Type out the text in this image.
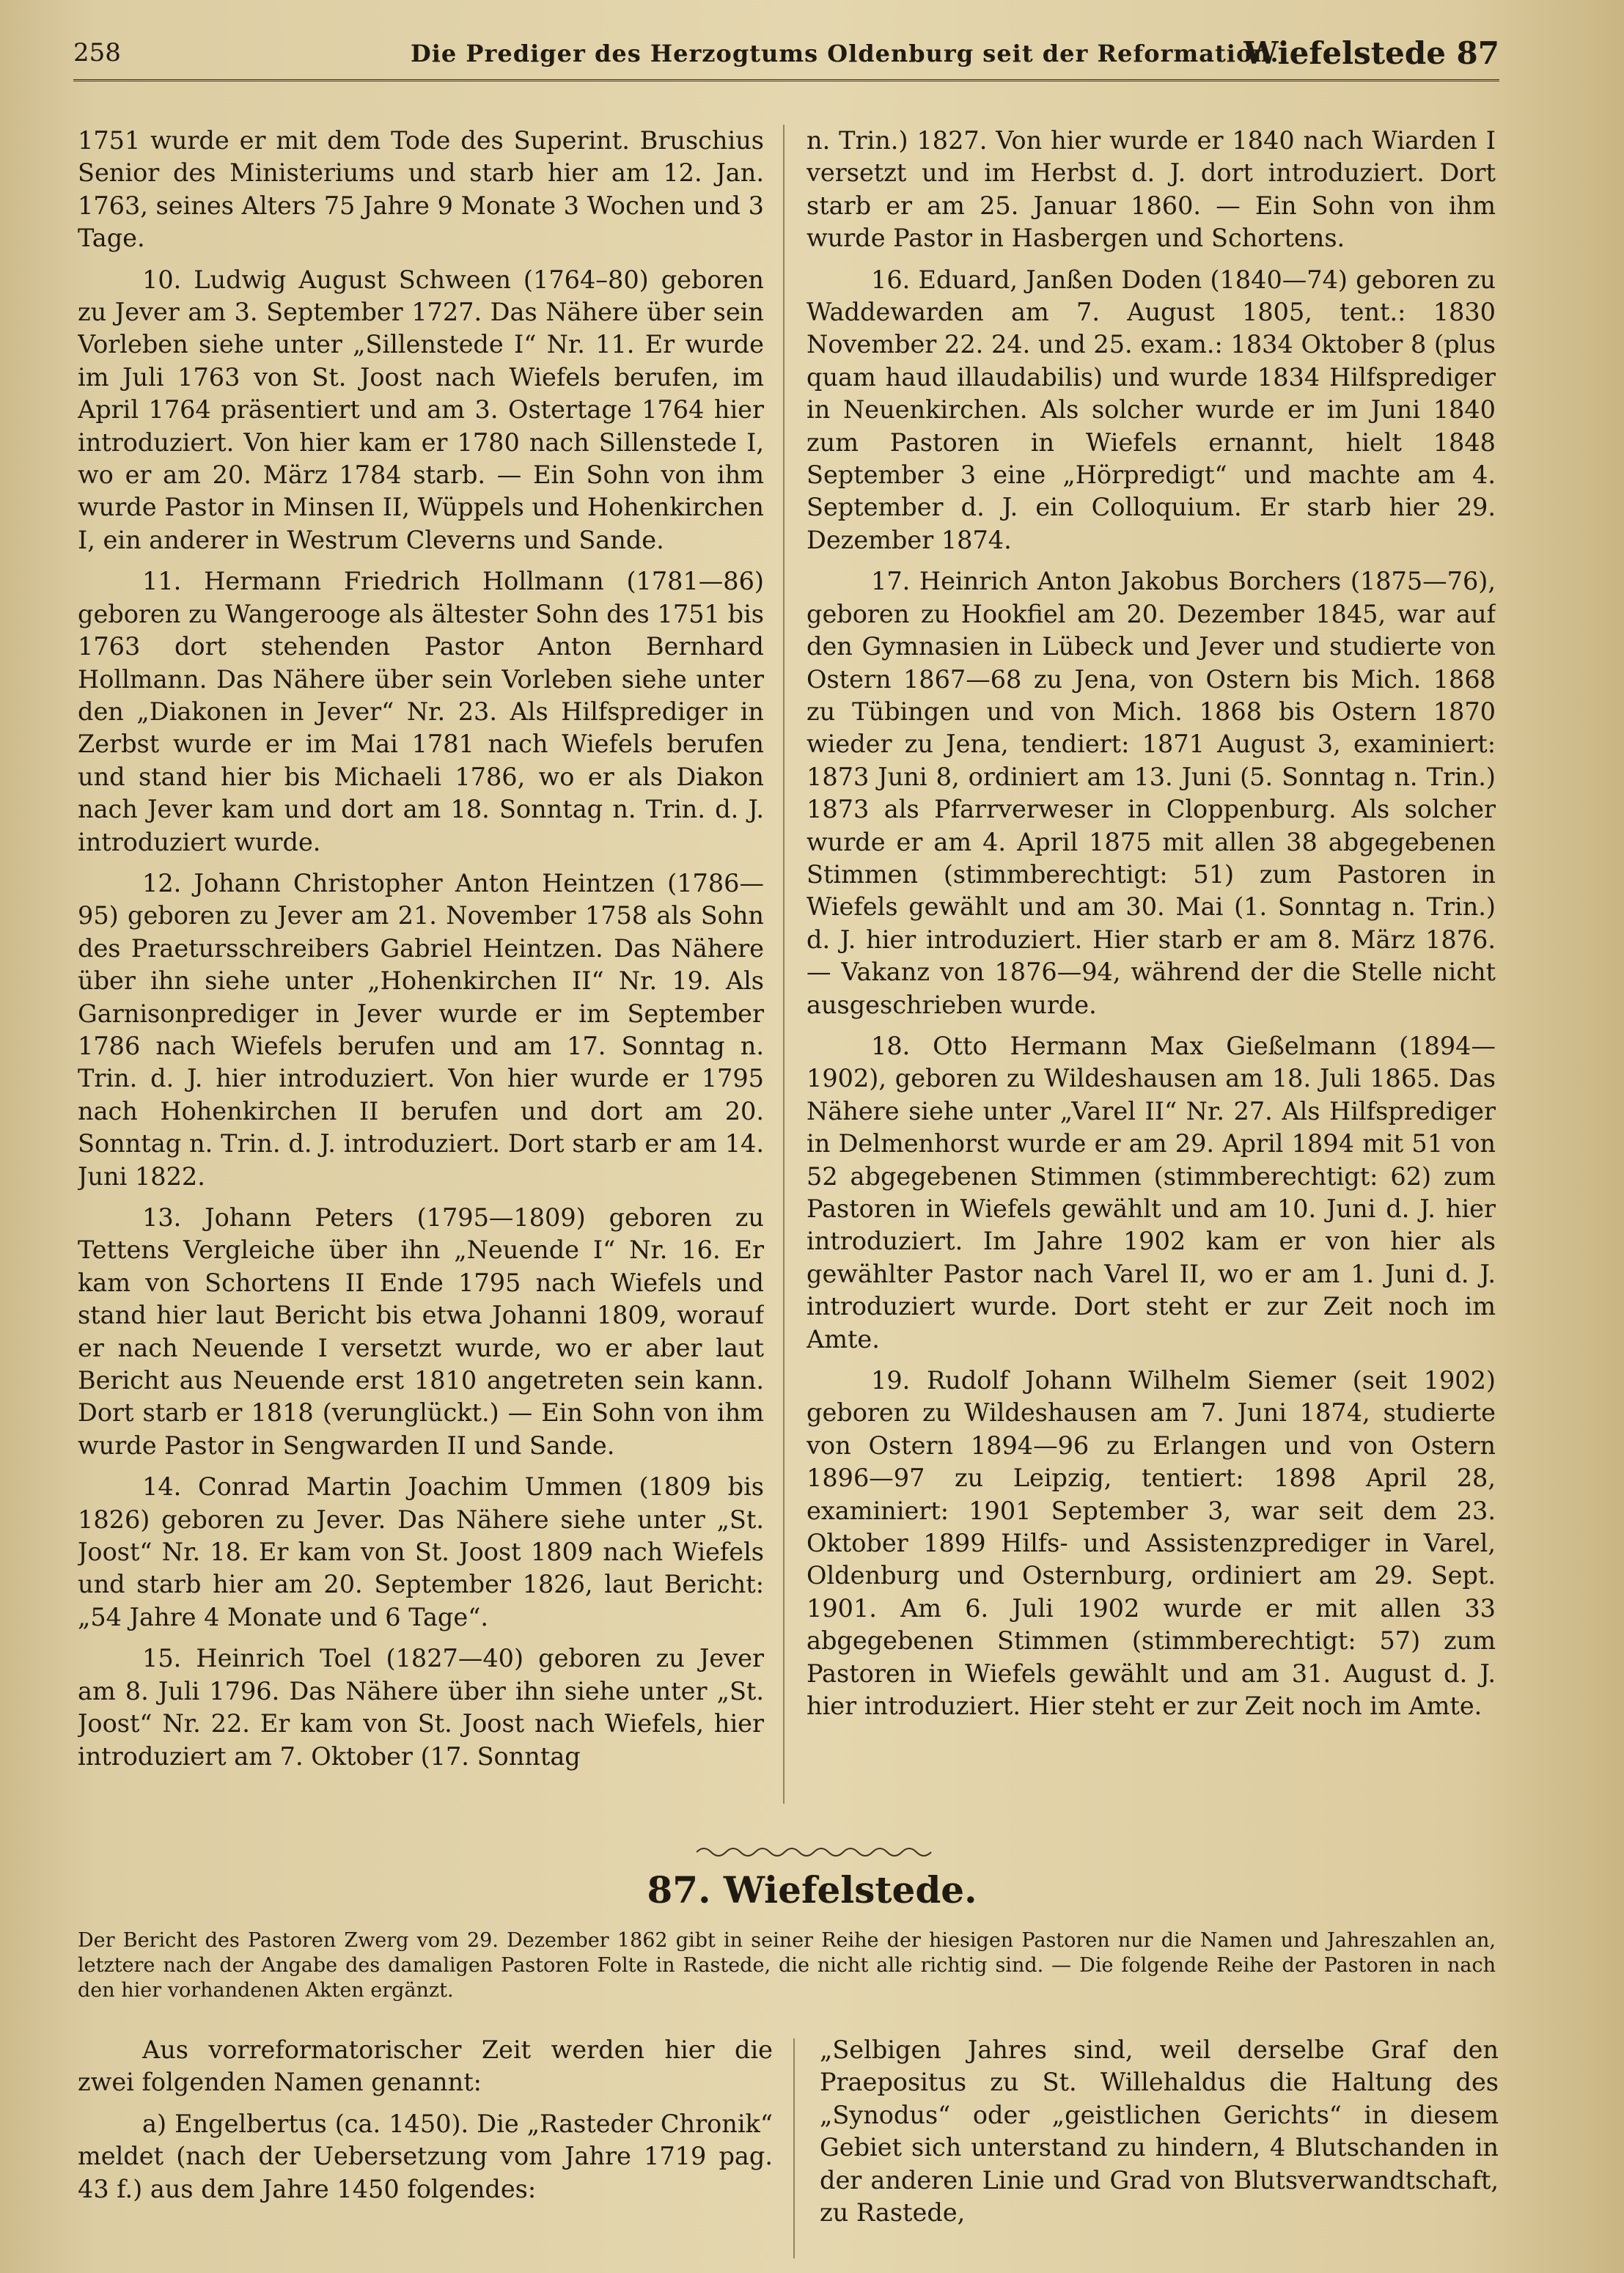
258	Die Prediger des Herzogtums Oldenburg seit der Reformation.
Wiefelstede 87

1751 wurde er mit dem Tode des Superint. Bruschius Senior des Ministeriums und starb hier am 12. Jan. 1763, seines Alters 75 Jahre 9 Monate 3 Wochen und 3 Tage.

10. Ludwig August Schween (1764–80) geboren zu Jever am 3. September 1727. Das Nähere über sein Vorleben siehe unter „Sillenstede I“ Nr. 11. Er wurde im Juli 1763 von St. Joost nach Wiefels berufen, im April 1764 präsentiert und am 3. Ostertage 1764 hier introduziert. Von hier kam er 1780 nach Sillenstede I, wo er am 20. März 1784 starb. — Ein Sohn von ihm wurde Pastor in Minsen II, Wüppels und Hohenkirchen I, ein anderer in Westrum Cleverns und Sande.

11. Hermann Friedrich Hollmann (1781—86) geboren zu Wangerooge als ältester Sohn des 1751 bis 1763 dort stehenden Pastor Anton Bernhard Hollmann. Das Nähere über sein Vorleben siehe unter den „Diakonen in Jever“ Nr. 23. Als Hilfsprediger in Zerbst wurde er im Mai 1781 nach Wiefels berufen und stand hier bis Michaeli 1786, wo er als Diakon nach Jever kam und dort am 18. Sonntag n. Trin. d. J. introduziert wurde.

12. Johann Christopher Anton Heintzen (1786—95) geboren zu Jever am 21. November 1758 als Sohn des Praetursschreibers Gabriel Heintzen. Das Nähere über ihn siehe unter „Hohenkirchen II“ Nr. 19. Als Garnisonprediger in Jever wurde er im September 1786 nach Wiefels berufen und am 17. Sonntag n. Trin. d. J. hier introduziert. Von hier wurde er 1795 nach Hohenkirchen II berufen und dort am 20. Sonntag n. Trin. d. J. introduziert. Dort starb er am 14. Juni 1822.

13. Johann Peters (1795—1809) geboren zu Tettens Vergleiche über ihn „Neuende I“ Nr. 16. Er kam von Schortens II Ende 1795 nach Wiefels und stand hier laut Bericht bis etwa Johanni 1809, worauf er nach Neuende I versetzt wurde, wo er aber laut Bericht aus Neuende erst 1810 angetreten sein kann. Dort starb er 1818 (verunglückt.) — Ein Sohn von ihm wurde Pastor in Sengwarden II und Sande.

14. Conrad Martin Joachim Ummen (1809 bis 1826) geboren zu Jever. Das Nähere siehe unter „St. Joost“ Nr. 18. Er kam von St. Joost 1809 nach Wiefels und starb hier am 20. September 1826, laut Bericht: „54 Jahre 4 Monate und 6 Tage“.

15. Heinrich Toel (1827—40) geboren zu Jever am 8. Juli 1796. Das Nähere über ihn siehe unter „St. Joost“ Nr. 22. Er kam von St. Joost nach Wiefels, hier introduziert am 7. Oktober (17. Sonntag

n. Trin.) 1827. Von hier wurde er 1840 nach Wiarden I versetzt und im Herbst d. J. dort introduziert. Dort starb er am 25. Januar 1860. — Ein Sohn von ihm wurde Pastor in Hasbergen und Schortens.

16. Eduard, Janßen Doden (1840—74) geboren zu Waddewarden am 7. August 1805, tent.: 1830 November 22. 24. und 25. exam.: 1834 Oktober 8 (plus quam haud illaudabilis) und wurde 1834 Hilfsprediger in Neuenkirchen. Als solcher wurde er im Juni 1840 zum Pastoren in Wiefels ernannt, hielt 1848 September 3 eine „Hörpredigt“ und machte am 4. September d. J. ein Colloquium. Er starb hier 29. Dezember 1874.

17. Heinrich Anton Jakobus Borchers (1875—76), geboren zu Hookfiel am 20. Dezember 1845, war auf den Gymnasien in Lübeck und Jever und studierte von Ostern 1867—68 zu Jena, von Ostern bis Mich. 1868 zu Tübingen und von Mich. 1868 bis Ostern 1870 wieder zu Jena, tendiert: 1871 August 3, examiniert: 1873 Juni 8, ordiniert am 13. Juni (5. Sonntag n. Trin.) 1873 als Pfarrverweser in Cloppenburg. Als solcher wurde er am 4. April 1875 mit allen 38 abgegebenen Stimmen (stimmberechtigt: 51) zum Pastoren in Wiefels gewählt und am 30. Mai (1. Sonntag n. Trin.) d. J. hier introduziert. Hier starb er am 8. März 1876. — Vakanz von 1876—94, während der die Stelle nicht ausgeschrieben wurde.

18. Otto Hermann Max Gießelmann (1894—1902), geboren zu Wildeshausen am 18. Juli 1865. Das Nähere siehe unter „Varel II“ Nr. 27. Als Hilfsprediger in Delmenhorst wurde er am 29. April 1894 mit 51 von 52 abgegebenen Stimmen (stimmberechtigt: 62) zum Pastoren in Wiefels gewählt und am 10. Juni d. J. hier introduziert. Im Jahre 1902 kam er von hier als gewählter Pastor nach Varel II, wo er am 1. Juni d. J. introduziert wurde. Dort steht er zur Zeit noch im Amte.

19. Rudolf Johann Wilhelm Siemer (seit 1902) geboren zu Wildeshausen am 7. Juni 1874, studierte von Ostern 1894—96 zu Erlangen und von Ostern 1896—97 zu Leipzig, tentiert: 1898 April 28, examiniert: 1901 September 3, war seit dem 23. Oktober 1899 Hilfs- und Assistenzprediger in Varel, Oldenburg und Osternburg, ordiniert am 29. Sept. 1901. Am 6. Juli 1902 wurde er mit allen 33 abgegebenen Stimmen (stimmberechtigt: 57) zum Pastoren in Wiefels gewählt und am 31. August d. J. hier introduziert. Hier steht er zur Zeit noch im Amte.

87. Wiefelstede.

Der Bericht des Pastoren Zwerg vom 29. Dezember 1862 gibt in seiner Reihe der hiesigen Pastoren nur die Namen und Jahreszahlen an, letztere nach der Angabe des damaligen Pastoren Folte in Rastede, die nicht alle richtig sind. — Die folgende Reihe der Pastoren in nach den hier vorhandenen Akten ergänzt.

Aus vorreformatorischer Zeit werden hier die zwei folgenden Namen genannt:

a) Engelbertus (ca. 1450). Die „Rasteder Chronik“ meldet (nach der Uebersetzung vom Jahre 1719 pag. 43 f.) aus dem Jahre 1450 folgendes:

„Selbigen Jahres sind, weil derselbe Graf den Praepositus zu St. Willehaldus die Haltung des „Synodus“ oder „geistlichen Gerichts“ in diesem Gebiet sich unterstand zu hindern, 4 Blutschanden in der anderen Linie und Grad von Blutsverwandtschaft, zu Rastede,
